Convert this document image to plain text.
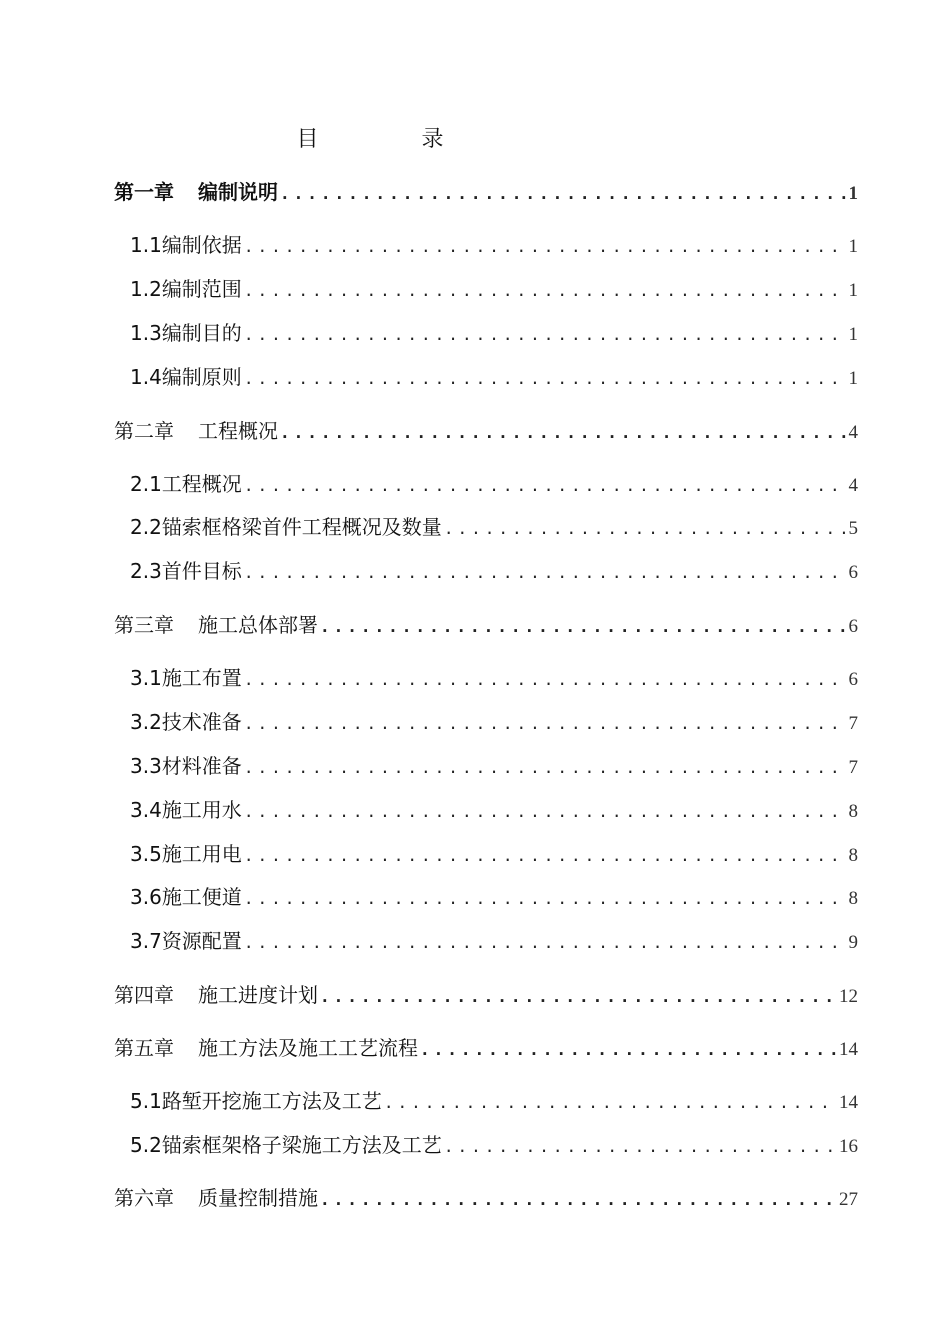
目 录
第一章 编制说明 .....	1
1.1编制依据 .....	1
1.2编制范围 .....	1
1.3编制目的 .....	1
1.4编制原则 .....	1
第二章 工程概况 .....	4
2.1工程概况 .....	4
2.2锚索框格梁首件工程概况及数量 .....	5
2.3首件目标 .....	6
第三章 施工总体部署 .....	6
3.1施工布置 .....	6
3.2技术准备 .....	7
3.3材料准备 .....	7
3.4施工用水 .....	8
3.5施工用电 .....	8
3.6施工便道 .....	8
3.7资源配置 .....	9
第四章 施工进度计划 .....	12
第五章 施工方法及施工工艺流程 .....	14
5.1路堑开挖施工方法及工艺 .....	14
5.2锚索框架格子梁施工方法及工艺 .....	16
第六章 质量控制措施 .....	27
